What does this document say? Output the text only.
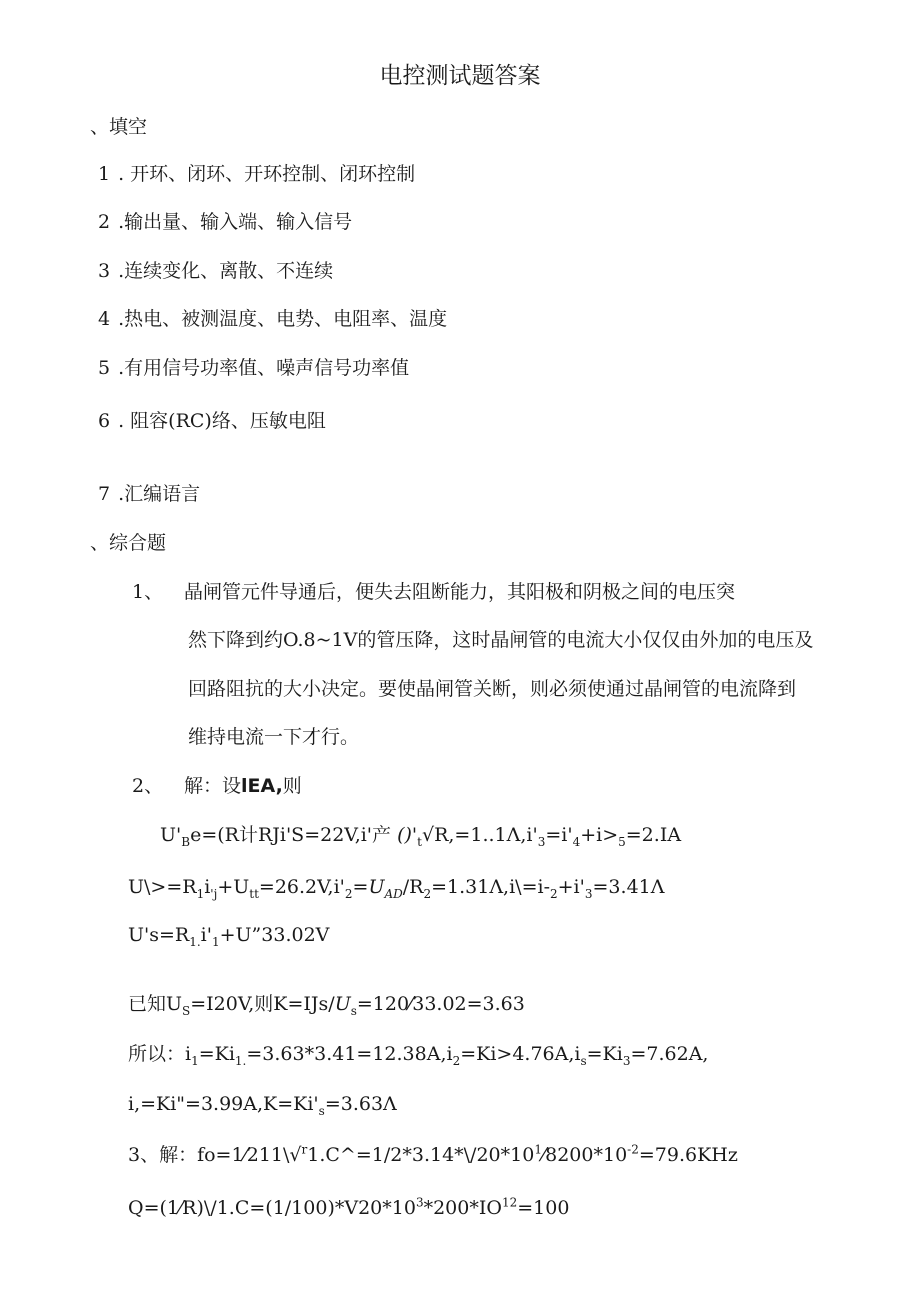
电控测试题答案
、填空
1 . 开环、闭环、开环控制、闭环控制
2 .输出量、输入端、输入信号
3 .连续变化、离散、不连续
4 .热电、被测温度、电势、电阻率、温度
5 .有用信号功率值、噪声信号功率值
6 . 阻容(RC)络、压敏电阻
7 .汇编语言
、综合题
1、 晶闸管元件导通后，便失去阻断能力，其阳极和阴极之间的电压突
然下降到约O.8~1V的管压降，这时晶闸管的电流大小仅仅由外加的电压及
回路阻抗的大小决定。要使晶闸管关断，则必须使通过晶闸管的电流降到
维持电流一下才行。
2、 解：设lEA,则
$U'_Be=(R$计RJi'S=22V,i'产 $()'_t√R,=1..1\Lambda,i'_3=i'_4+i>_5=2.IA$
$U\backslash>=R_1i_{'j}+U_{tt}=26.2V,i'_2=U_{AD}/R_2=1.31\Lambda,i\backslash=i-_2+i'_3=3.41\Lambda$
$U's=R_{1.}i'_1+U”33.02V$
已知$U_S=I20V$,则$K=IJs/U_s=120⁄33.02=3.63$
所以：$i_1=Ki_{1.}=3.63*3.41=12.38A,i_2=Ki>4.76A,i_s=Ki_3=7.62A$,
$i,=Ki"=3.99A,K=Ki'_s=3.63\Lambda$
3、解：$fo=1⁄211\backslash√^r1.C\^{}=1/2*3.14*\backslash/20*10^1⁄8200*10^{-2}=79.6KHz$
$Q=(1⁄R)\backslash/1.C=(1/100)*V20*10^3*200*IO^{12}=100$
